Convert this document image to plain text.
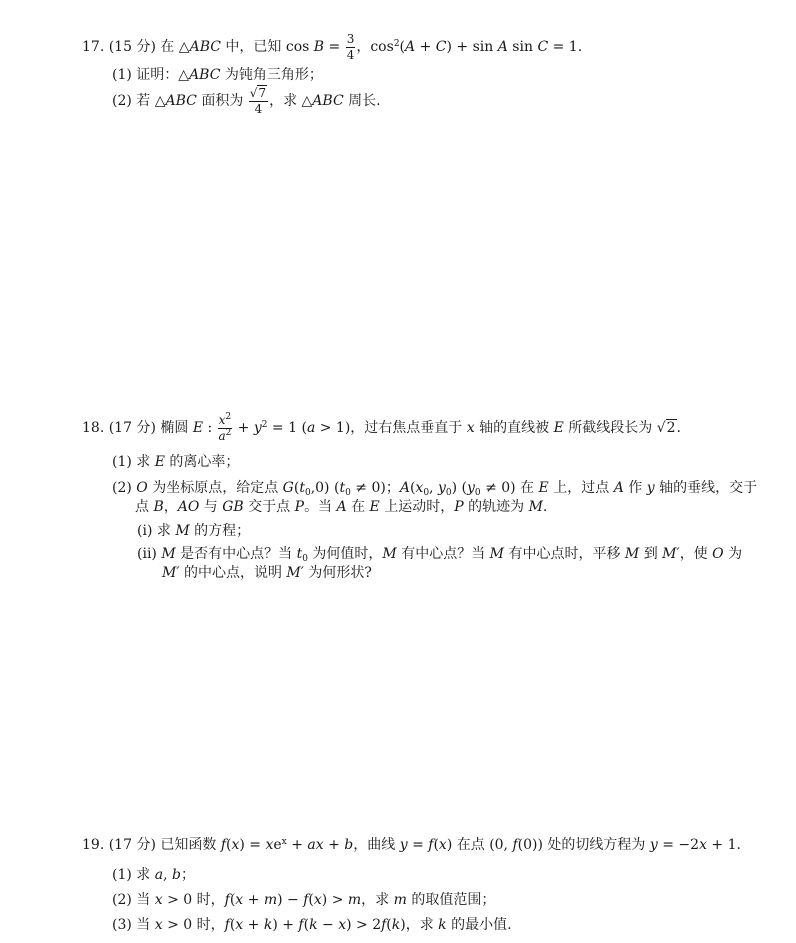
17. (15 分) 在 △ABC 中，已知 $\cos B = \frac{3}{4}$ ，$\cos^2(A + C) + \sin A$ sin C = 1.
(1) 证明：△ABC 为钝角三角形；
(2) 若 △ABC 面积为 $\frac{√7}{4}$ ，求 △ABC 周长.
18. (17 分) 椭圆 E : $\frac{x^2}{a^2} + y^2 = 1$ (a > 1)，过右焦点垂直于 x 轴的直线被 E 所截线段长为 √2.
(1) 求 E 的离心率；
(2) O 为坐标原点，给定点 $G(t_0,0) (t_0 \ne 0)$；$A(x_0$, $y_0$) $(y_0 \ne 0)$ 在 E 上，过点 A 作 y 轴的垂线，交于
点 B，AO 与 GB 交于点 P。当 A 在 E 上运动时，P 的轨迹为 M.
(i) 求 M 的方程；
(ii) M 是否有中心点？当 $t_0$ 为何值时，M 有中心点？当 M 有中心点时，平移 M 到 M′，使 O 为
M′ 的中心点，说明 M′ 为何形状?
19. (17 分) 已知函数 $f(x) = xe^x$ + ax + b，曲线 y = f(x) 在点 (0, f(0)) 处的切线方程为 y = −2x + 1.
(1) 求 a, b；
(2) 当 x > 0 时，f(x + m) − f(x) > m，求 m 的取值范围；
(3) 当 x > 0 时，f(x + k) + f(k − x) > 2f(k)，求 k 的最小值.
